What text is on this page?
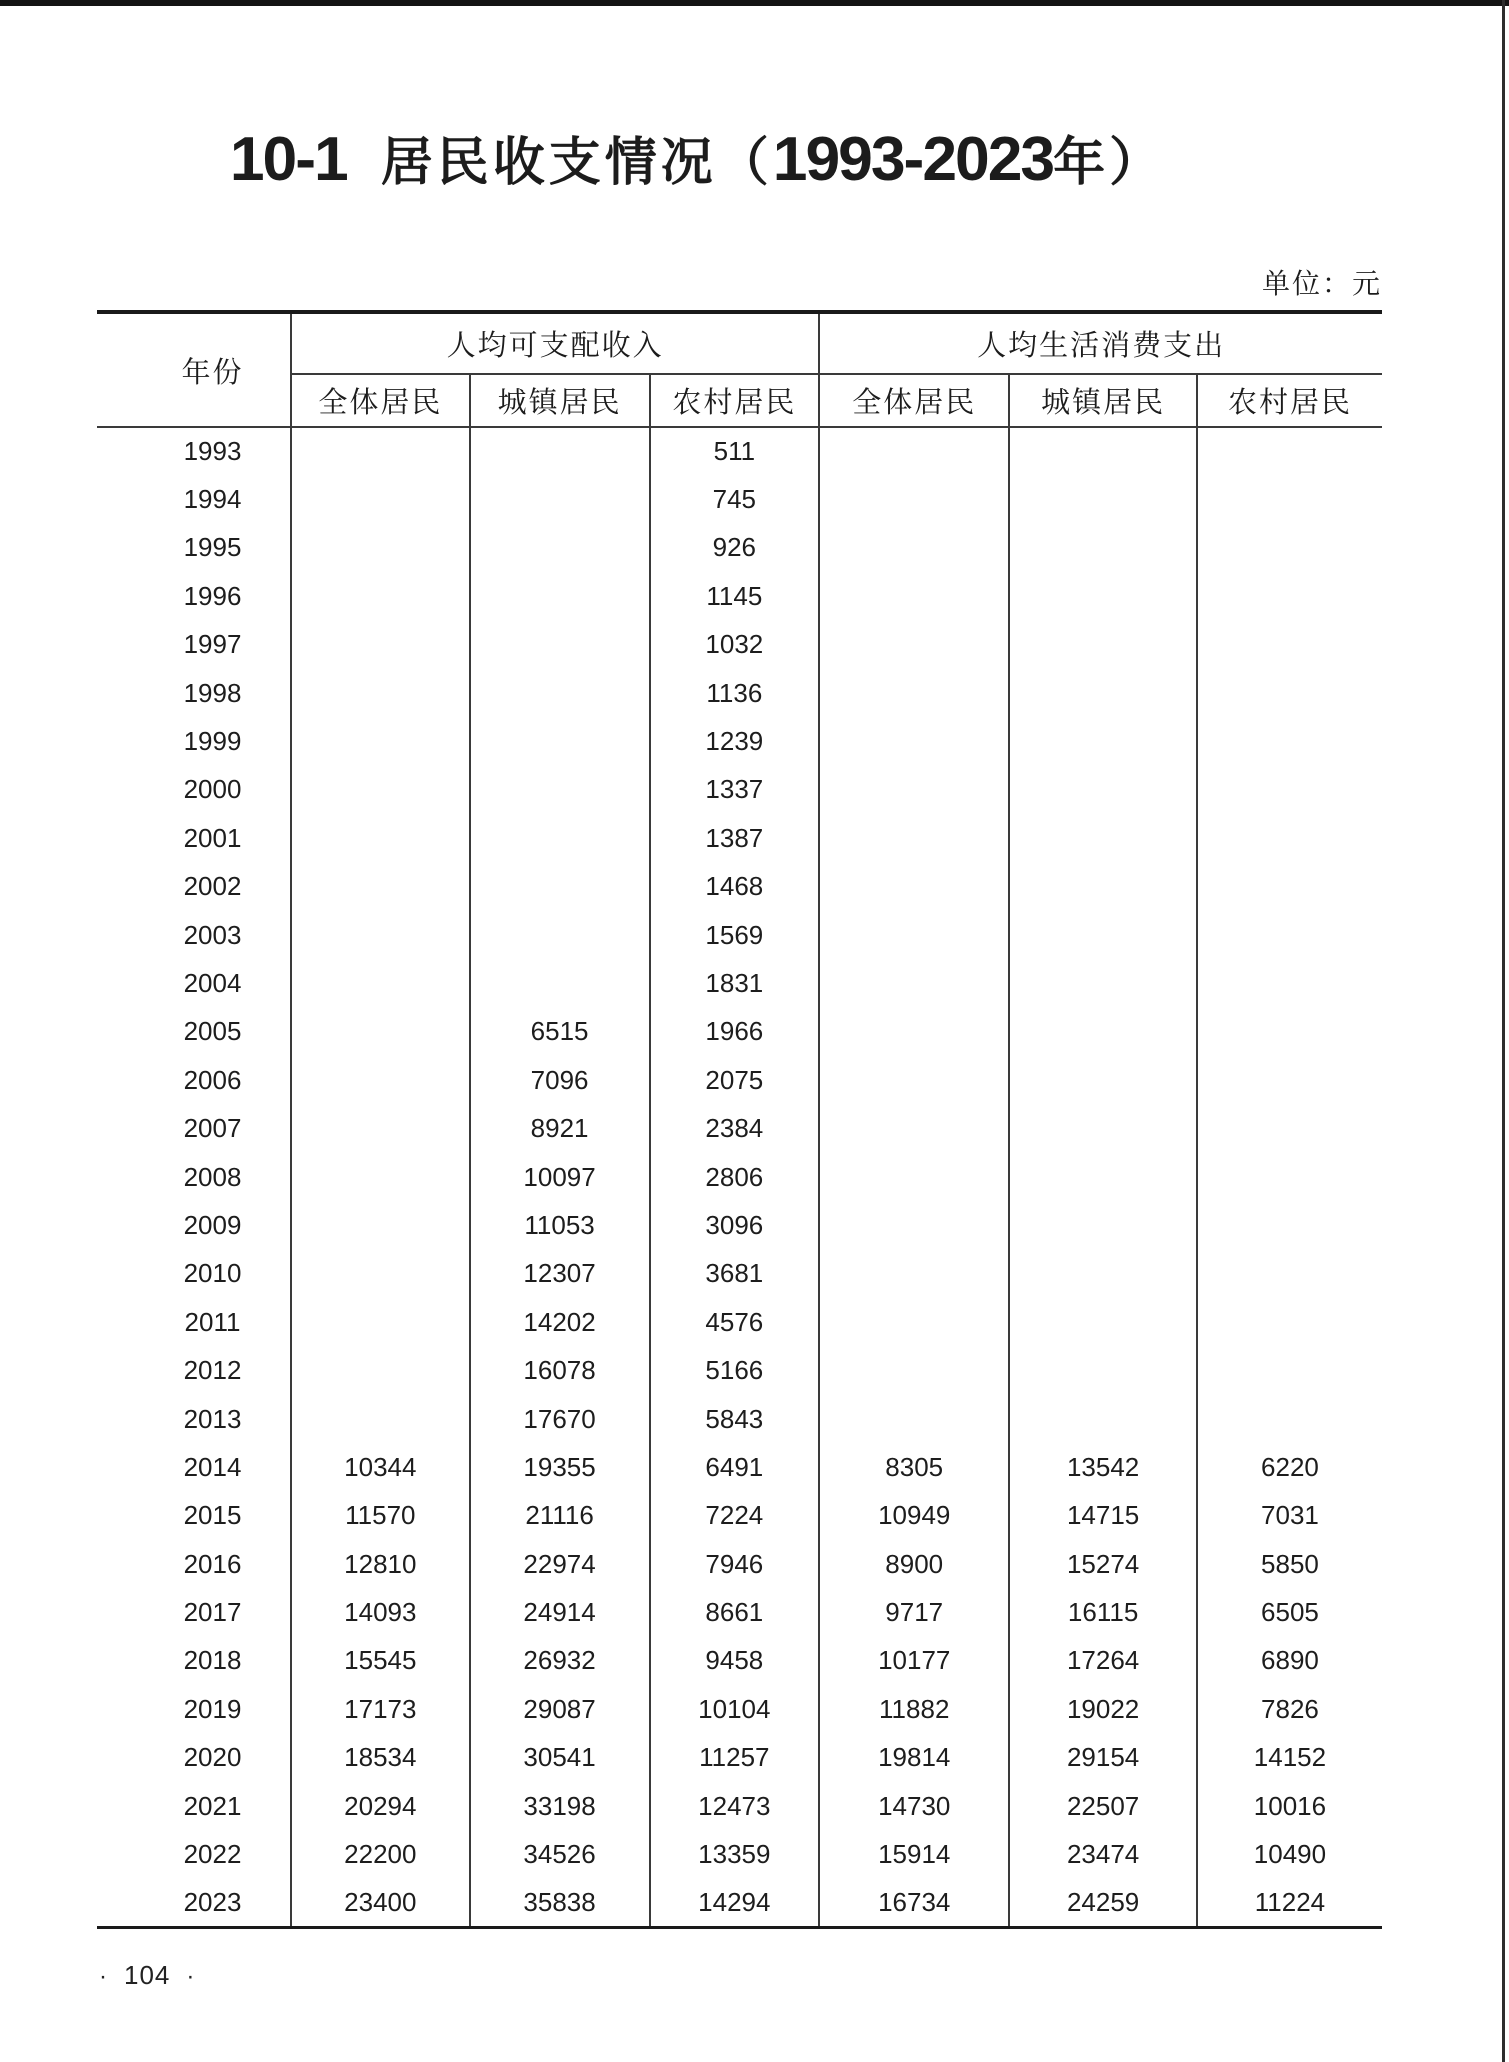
10-1 居民收支情况（1993-2023年）
单位：元
年份	人均可支配收入			人均生活消费支出		
	全体居民	城镇居民	农村居民	全体居民	城镇居民	农村居民
1993			511			
1994			745			
1995			926			
1996			1145			
1997			1032			
1998			1136			
1999			1239			
2000			1337			
2001			1387			
2002			1468			
2003			1569			
2004			1831			
2005		6515	1966			
2006		7096	2075			
2007		8921	2384			
2008		10097	2806			
2009		11053	3096			
2010		12307	3681			
2011		14202	4576			
2012		16078	5166			
2013		17670	5843			
2014	10344	19355	6491	8305	13542	6220
2015	11570	21116	7224	10949	14715	7031
2016	12810	22974	7946	8900	15274	5850
2017	14093	24914	8661	9717	16115	6505
2018	15545	26932	9458	10177	17264	6890
2019	17173	29087	10104	11882	19022	7826
2020	18534	30541	11257	19814	29154	14152
2021	20294	33198	12473	14730	22507	10016
2022	22200	34526	13359	15914	23474	10490
2023	23400	35838	14294	16734	24259	11224
· 104 ·
